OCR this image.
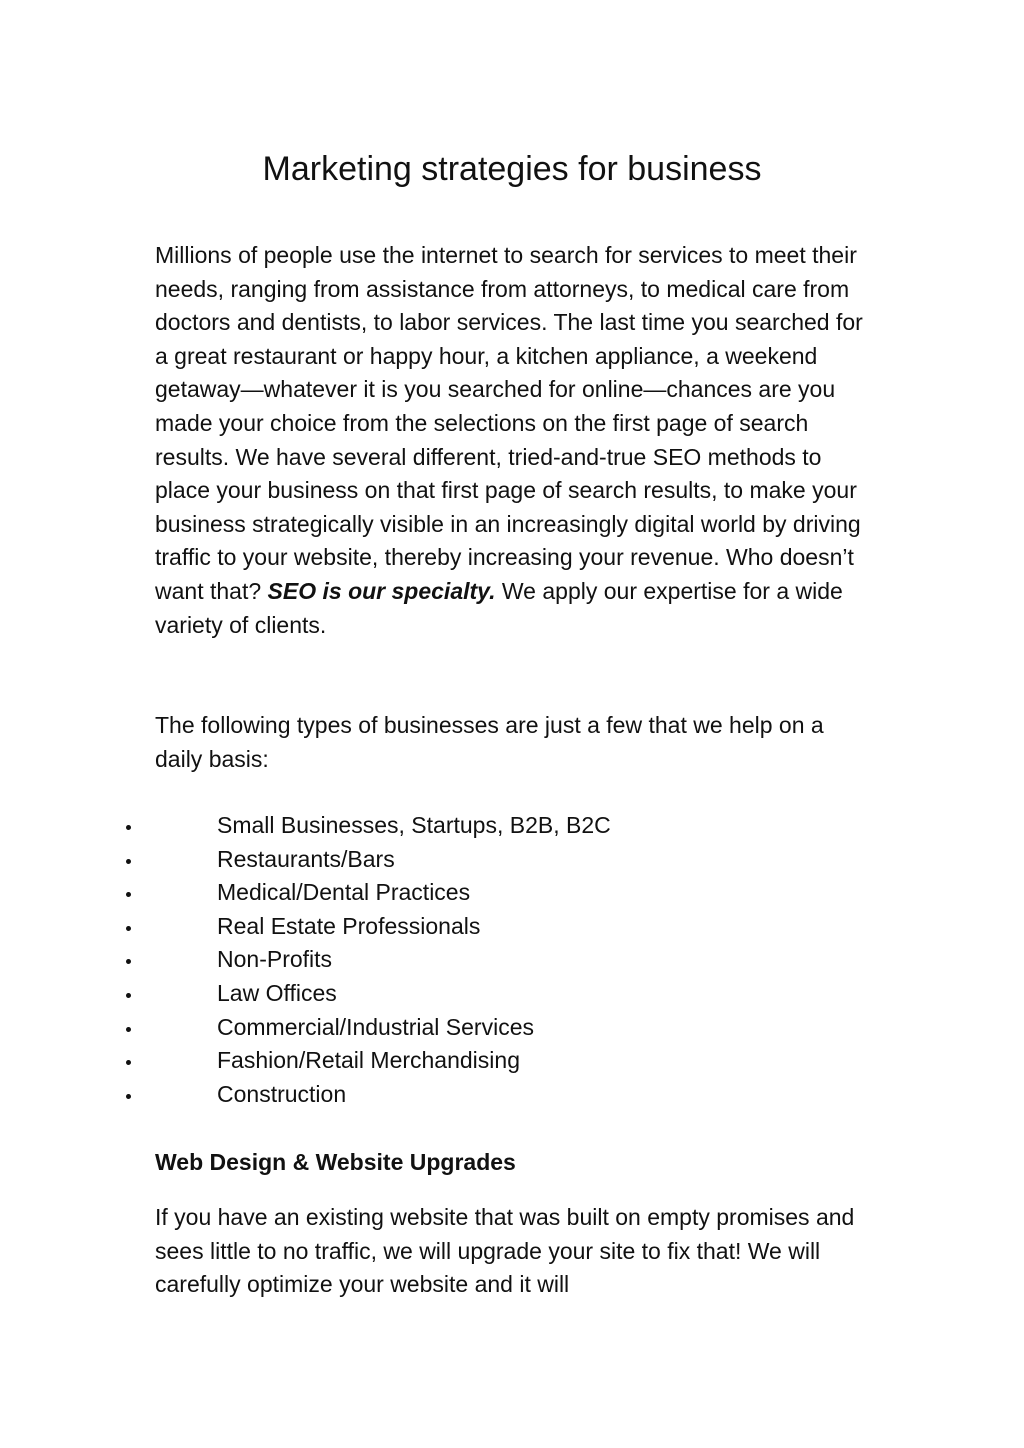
Marketing strategies for business

Millions of people use the internet to search for services to meet their needs, ranging from assistance from attorneys, to medical care from doctors and dentists, to labor services. The last time you searched for a great restaurant or happy hour, a kitchen appliance, a weekend getaway—whatever it is you searched for online—chances are you made your choice from the selections on the first page of search results. We have several different, tried-and-true SEO methods to place your business on that first page of search results, to make your business strategically visible in an increasingly digital world by driving traffic to your website, thereby increasing your revenue. Who doesn’t want that? SEO is our specialty. We apply our expertise for a wide variety of clients.

The following types of businesses are just a few that we help on a daily basis:

Small Businesses, Startups, B2B, B2C
Restaurants/Bars
Medical/Dental Practices
Real Estate Professionals
Non-Profits
Law Offices
Commercial/Industrial Services
Fashion/Retail Merchandising
Construction
Web Design & Website Upgrades

If you have an existing website that was built on empty promises and sees little to no traffic, we will upgrade your site to fix that! We will carefully optimize your website and it will
